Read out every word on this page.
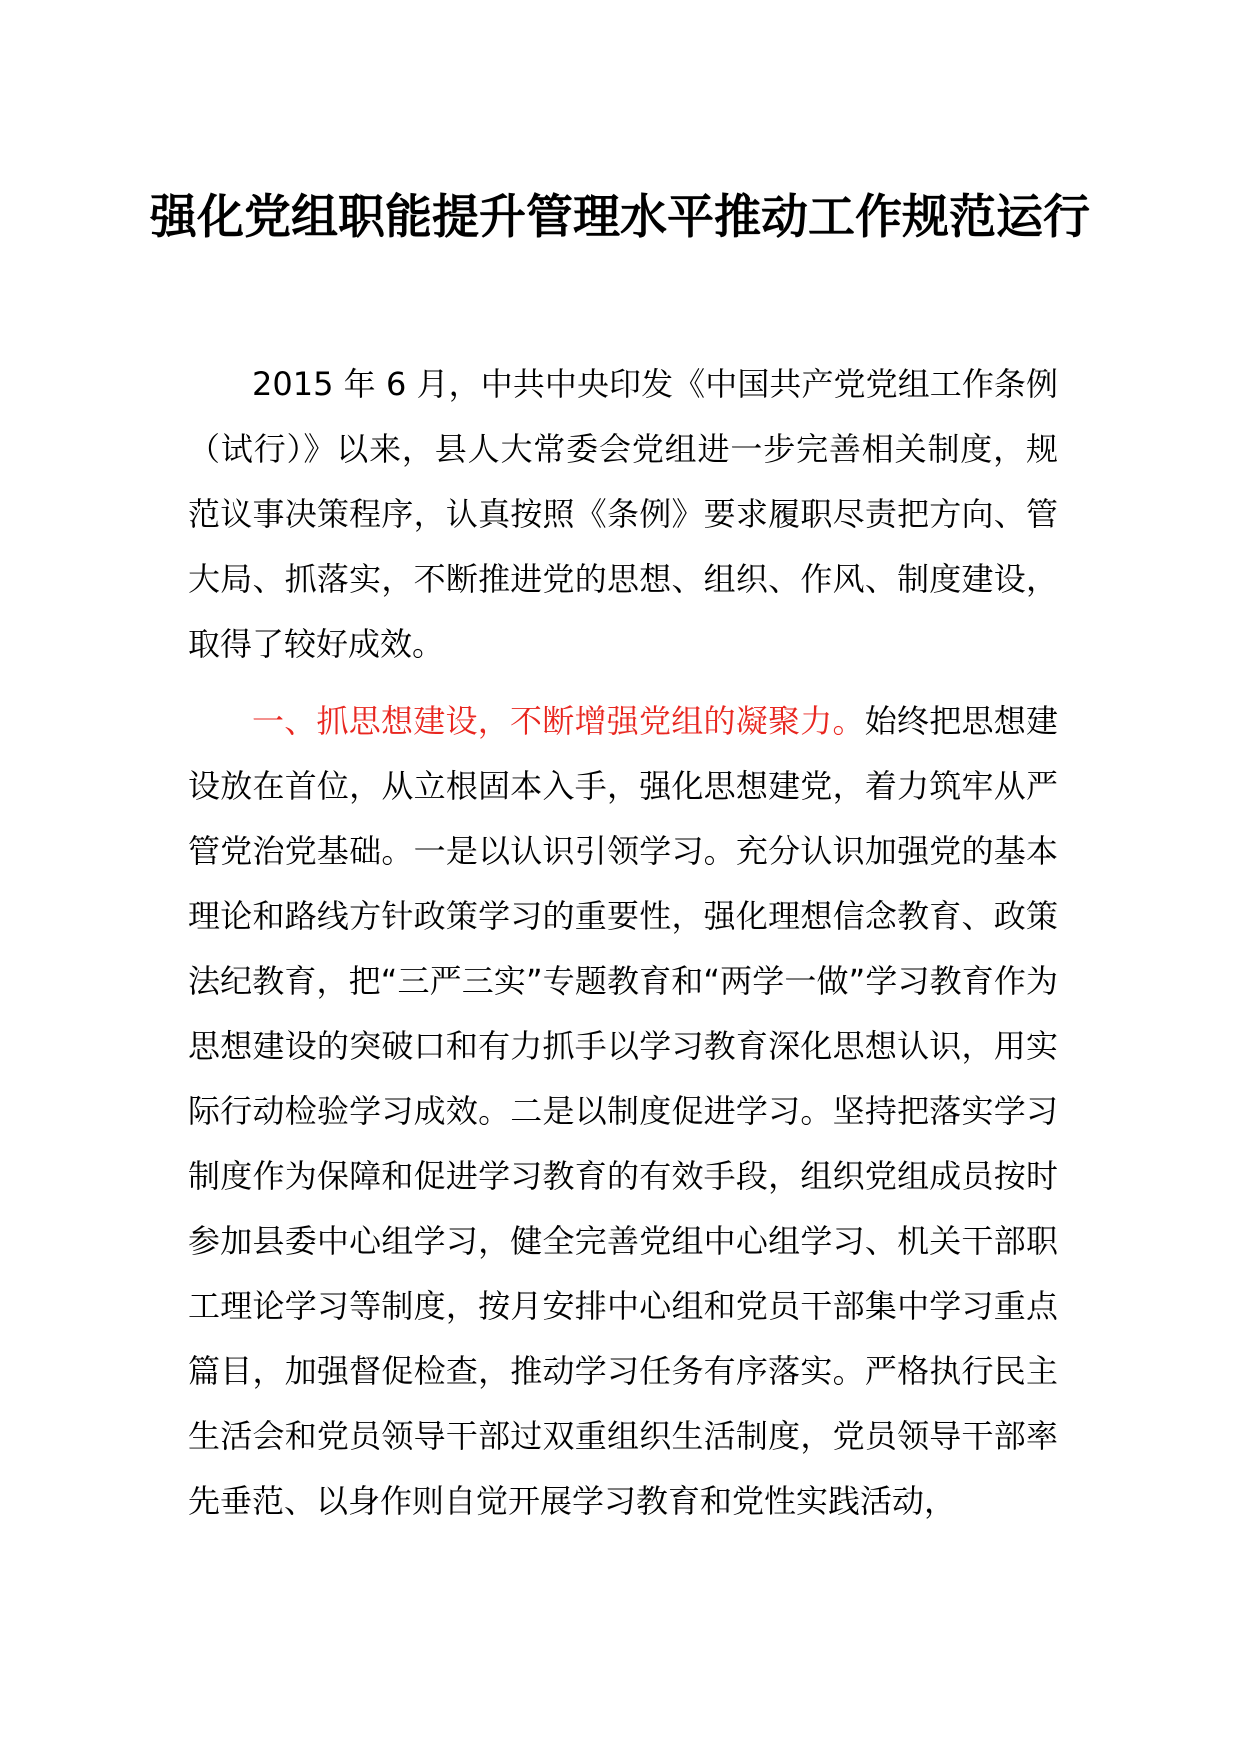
强化党组职能提升管理水平推动工作规范运行

2015 年 6 月，中共中央印发《中国共产党党组工作条例（试行）》以来，县人大常委会党组进一步完善相关制度，规范议事决策程序，认真按照《条例》要求履职尽责把方向、管大局、抓落实，不断推进党的思想、组织、作风、制度建设，取得了较好成效。

一、抓思想建设，不断增强党组的凝聚力。始终把思想建设放在首位，从立根固本入手，强化思想建党，着力筑牢从严管党治党基础。一是以认识引领学习。充分认识加强党的基本理论和路线方针政策学习的重要性，强化理想信念教育、政策法纪教育，把“三严三实”专题教育和“两学一做”学习教育作为思想建设的突破口和有力抓手以学习教育深化思想认识，用实际行动检验学习成效。二是以制度促进学习。坚持把落实学习制度作为保障和促进学习教育的有效手段，组织党组成员按时参加县委中心组学习，健全完善党组中心组学习、机关干部职工理论学习等制度，按月安排中心组和党员干部集中学习重点篇目，加强督促检查，推动学习任务有序落实。严格执行民主生活会和党员领导干部过双重组织生活制度，党员领导干部率先垂范、以身作则自觉开展学习教育和党性实践活动，
